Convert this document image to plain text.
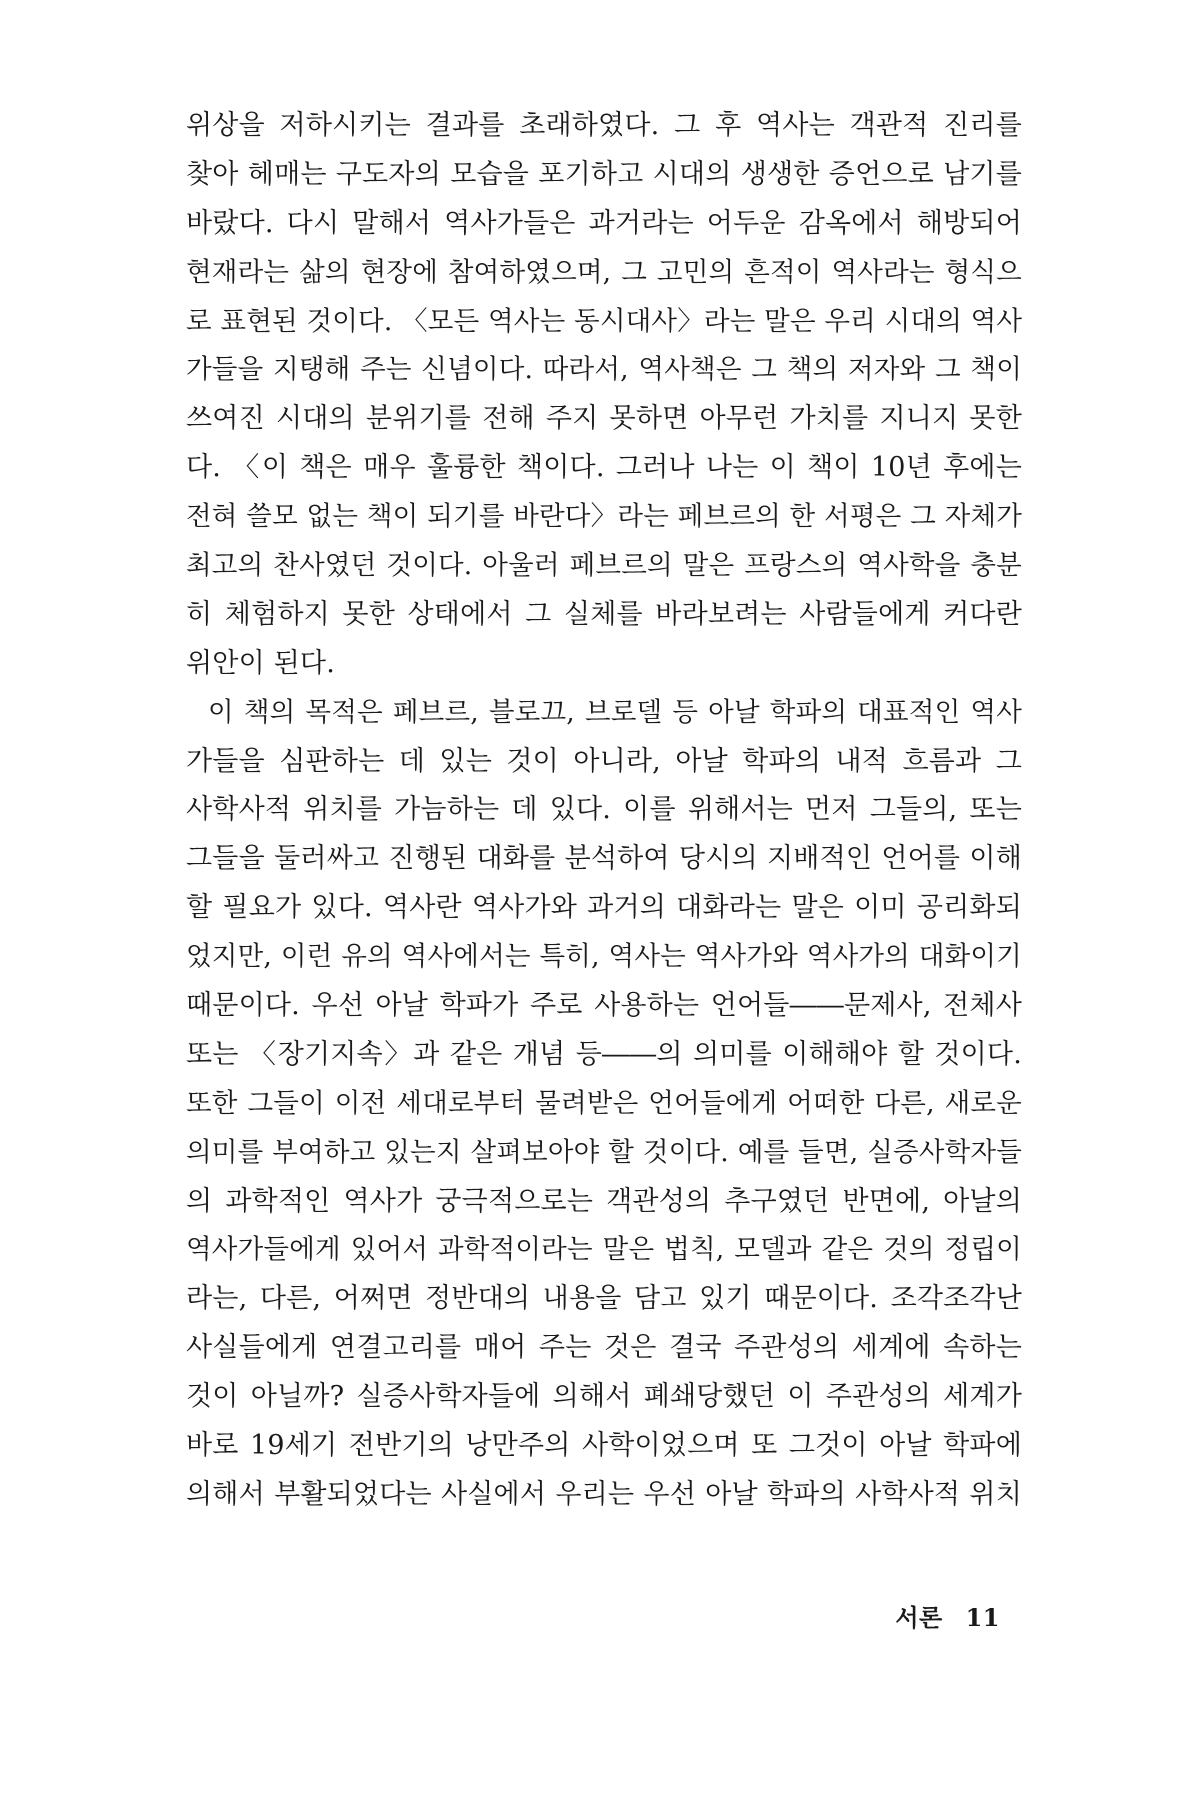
위상을 저하시키는 결과를 초래하였다. 그 후 역사는 객관적 진리를
찾아 헤매는 구도자의 모습을 포기하고 시대의 생생한 증언으로 남기를
바랐다. 다시 말해서 역사가들은 과거라는 어두운 감옥에서 해방되어
현재라는 삶의 현장에 참여하였으며, 그 고민의 흔적이 역사라는 형식으
로 표현된 것이다. 〈모든 역사는 동시대사〉라는 말은 우리 시대의 역사
가들을 지탱해 주는 신념이다. 따라서, 역사책은 그 책의 저자와 그 책이
쓰여진 시대의 분위기를 전해 주지 못하면 아무런 가치를 지니지 못한
다. 〈이 책은 매우 훌륭한 책이다. 그러나 나는 이 책이 10년 후에는
전혀 쓸모 없는 책이 되기를 바란다〉라는 페브르의 한 서평은 그 자체가
최고의 찬사였던 것이다. 아울러 페브르의 말은 프랑스의 역사학을 충분
히 체험하지 못한 상태에서 그 실체를 바라보려는 사람들에게 커다란
위안이 된다.
이 책의 목적은 페브르, 블로끄, 브로델 등 아날 학파의 대표적인 역사
가들을 심판하는 데 있는 것이 아니라, 아날 학파의 내적 흐름과 그
사학사적 위치를 가늠하는 데 있다. 이를 위해서는 먼저 그들의, 또는
그들을 둘러싸고 진행된 대화를 분석하여 당시의 지배적인 언어를 이해
할 필요가 있다. 역사란 역사가와 과거의 대화라는 말은 이미 공리화되
었지만, 이런 유의 역사에서는 특히, 역사는 역사가와 역사가의 대화이기
때문이다. 우선 아날 학파가 주로 사용하는 언어들――문제사, 전체사
또는 〈장기지속〉과 같은 개념 등――의 의미를 이해해야 할 것이다.
또한 그들이 이전 세대로부터 물려받은 언어들에게 어떠한 다른, 새로운
의미를 부여하고 있는지 살펴보아야 할 것이다. 예를 들면, 실증사학자들
의 과학적인 역사가 궁극적으로는 객관성의 추구였던 반면에, 아날의
역사가들에게 있어서 과학적이라는 말은 법칙, 모델과 같은 것의 정립이
라는, 다른, 어쩌면 정반대의 내용을 담고 있기 때문이다. 조각조각난
사실들에게 연결고리를 매어 주는 것은 결국 주관성의 세계에 속하는
것이 아닐까? 실증사학자들에 의해서 폐쇄당했던 이 주관성의 세계가
바로 19세기 전반기의 낭만주의 사학이었으며 또 그것이 아날 학파에
의해서 부활되었다는 사실에서 우리는 우선 아날 학파의 사학사적 위치
서론 11
